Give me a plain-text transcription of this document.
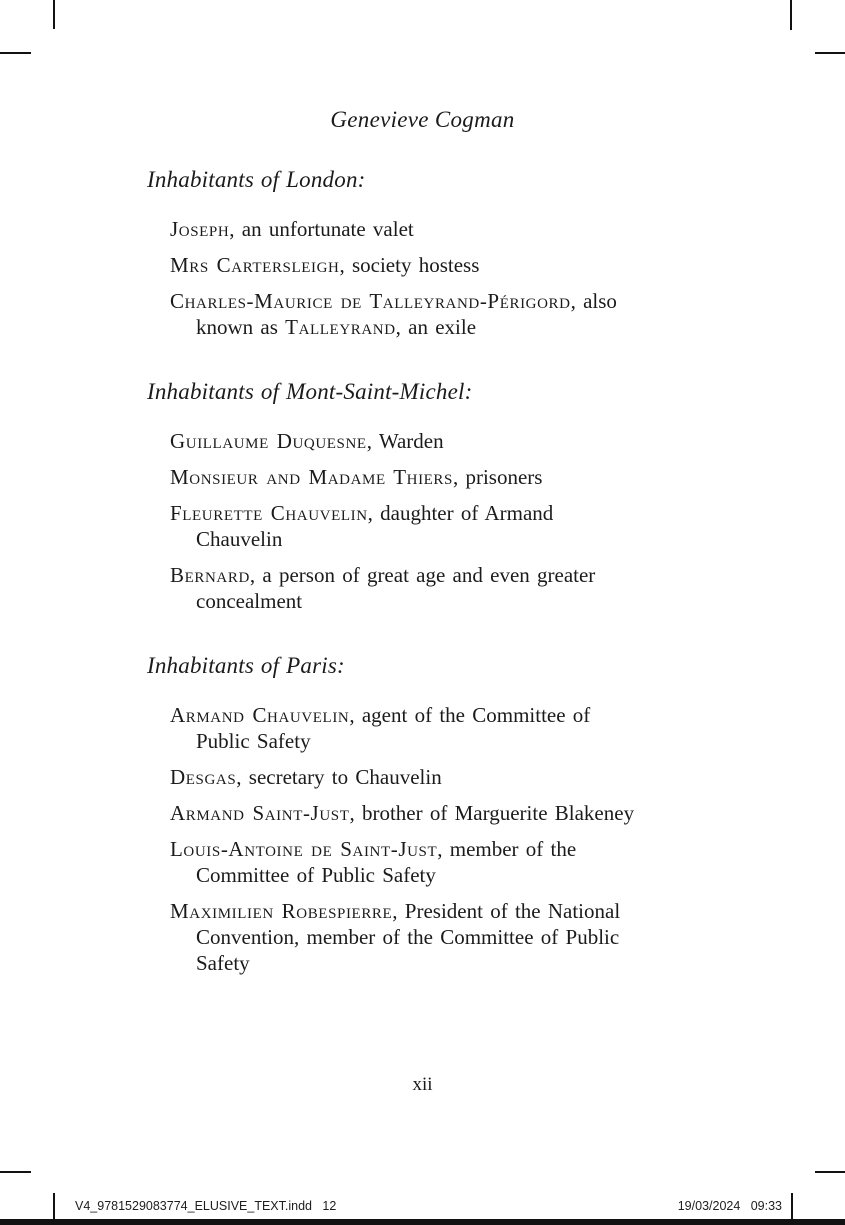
Genevieve Cogman
Inhabitants of London:

Joseph, an unfortunate valet

Mrs Cartersleigh, society hostess

Charles-Maurice de Talleyrand-Périgord, also
known as Talleyrand, an exile

Inhabitants of Mont-Saint-Michel:

Guillaume Duquesne, Warden

Monsieur and Madame Thiers, prisoners

Fleurette Chauvelin, daughter of Armand
Chauvelin

Bernard, a person of great age and even greater
concealment

Inhabitants of Paris:

Armand Chauvelin, agent of the Committee of
Public Safety

Desgas, secretary to Chauvelin

Armand Saint-Just, brother of Marguerite Blakeney

Louis-Antoine de Saint-Just, member of the
Committee of Public Safety

Maximilien Robespierre, President of the National
Convention, member of the Committee of Public
Safety

xii
V4_9781529083774_ELUSIVE_TEXT.indd   12	19/03/2024   09:33
